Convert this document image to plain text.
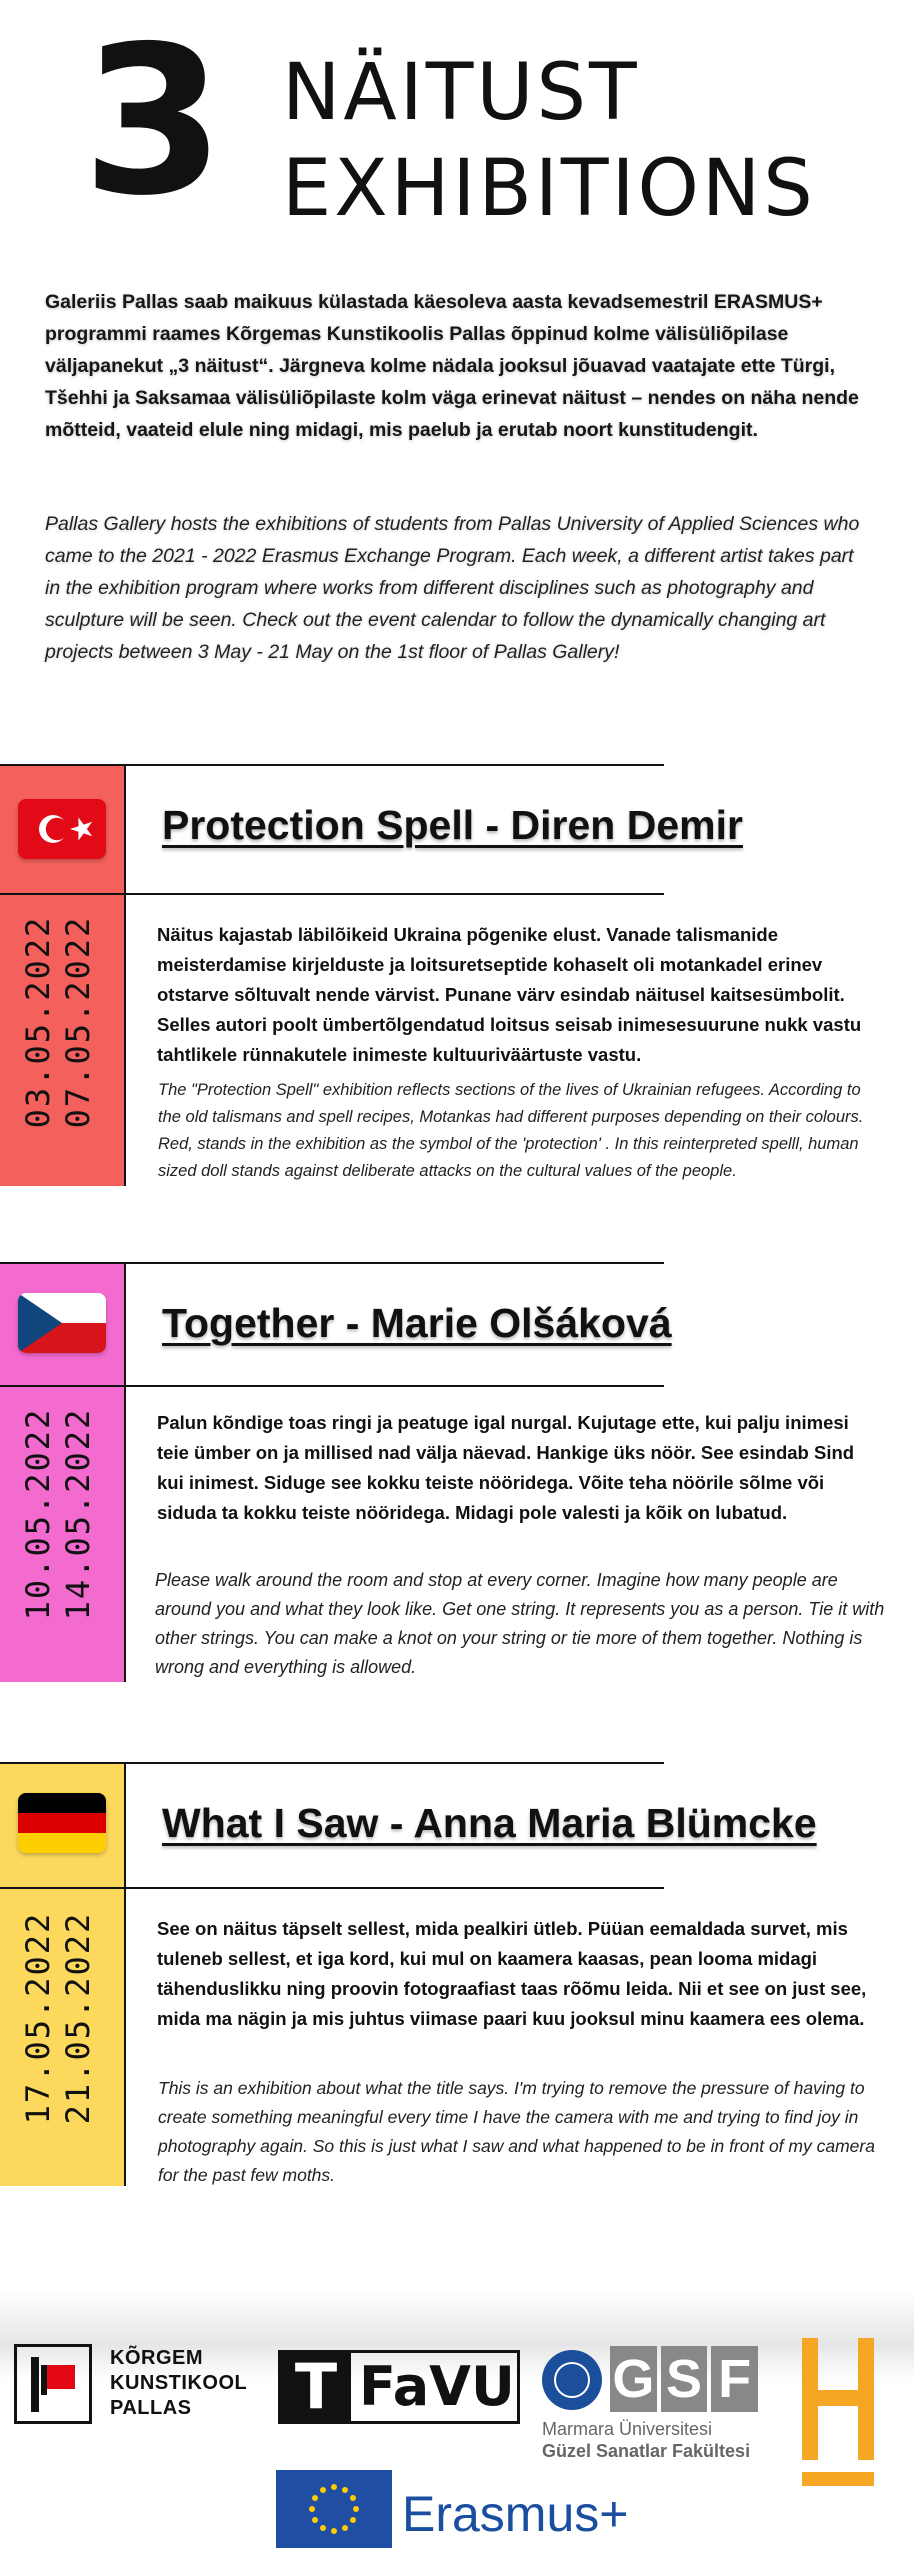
3 NÄITUST
EXHIBITIONS
Galeriis Pallas saab maikuus külastada käesoleva aasta kevadsemestril ERASMUS+ programmi raames Kõrgemas Kunstikoolis Pallas õppinud kolme välisüliõpilase väljapanekut „3 näitust“. Järgneva kolme nädala jooksul jõuavad vaatajate ette Türgi, Tšehhi ja Saksamaa välisüliõpilaste kolm väga erinevat näitust – nendes on näha nende mõtteid, vaateid elule ning midagi, mis paelub ja erutab noort kunstitudengit.
Pallas Gallery hosts the exhibitions of students from Pallas University of Applied Sciences who came to the 2021 - 2022 Erasmus Exchange Program. Each week, a different artist takes part in the exhibition program where works from different disciplines such as photography and sculpture will be seen. Check out the event calendar to follow the dynamically changing art projects between 3 May - 21 May on the 1st floor of Pallas Gallery!
Protection Spell - Diren Demir
03.05.2022 07.05.2022	Näitus kajastab läbilõikeid Ukraina põgenike elust. Vanade talismanide meisterdamise kirjelduste ja loitsuretseptide kohaselt oli motankadel erinev otstarve sõltuvalt nende värvist. Punane värv esindab näitusel kaitsesümbolit. Selles autori poolt ümbertõlgendatud loitsus seisab inimesesuurune nukk vastu tahtlikele rünnakutele inimeste kultuuriväärtuste vastu.
The "Protection Spell" exhibition reflects sections of the lives of Ukrainian refugees. According to the old talismans and spell recipes, Motankas had different purposes depending on their colours. Red, stands in the exhibition as the symbol of the 'protection' . In this reinterpreted spelll, human sized doll stands against deliberate attacks on the cultural values of the people.
Together - Marie Olšáková
10.05.2022 14.05.2022	Palun kõndige toas ringi ja peatuge igal nurgal. Kujutage ette, kui palju inimesi teie ümber on ja millised nad välja näevad. Hankige üks nöör. See esindab Sind kui inimest. Siduge see kokku teiste nööridega. Võite teha nöörile sõlme või siduda ta kokku teiste nööridega. Midagi pole valesti ja kõik on lubatud.
Please walk around the room and stop at every corner. Imagine how many people are around you and what they look like. Get one string. It represents you as a person. Tie it with other strings. You can make a knot on your string or tie more of them together. Nothing is wrong and everything is allowed.
What I Saw - Anna Maria Blümcke
17.05.2022 21.05.2022	See on näitus täpselt sellest, mida pealkiri ütleb. Püüan eemaldada survet, mis tuleneb sellest, et iga kord, kui mul on kaamera kaasas, pean looma midagi tähenduslikku ning proovin fotograafiast taas rõõmu leida. Nii et see on just see, mida ma nägin ja mis juhtus viimase paari kuu jooksul minu kaamera ees olema.
This is an exhibition about what the title says. I'm trying to remove the pressure of having to create something meaningful every time I have the camera with me and trying to find joy in photography again. So this is just what I saw and what happened to be in front of my camera for the past few moths.
KÕRGEM
KUNSTIKOOL
PALLAS	T FaVU G S F
Marmara Üniversitesi
Güzel Sanatlar Fakültesi
Erasmus+
